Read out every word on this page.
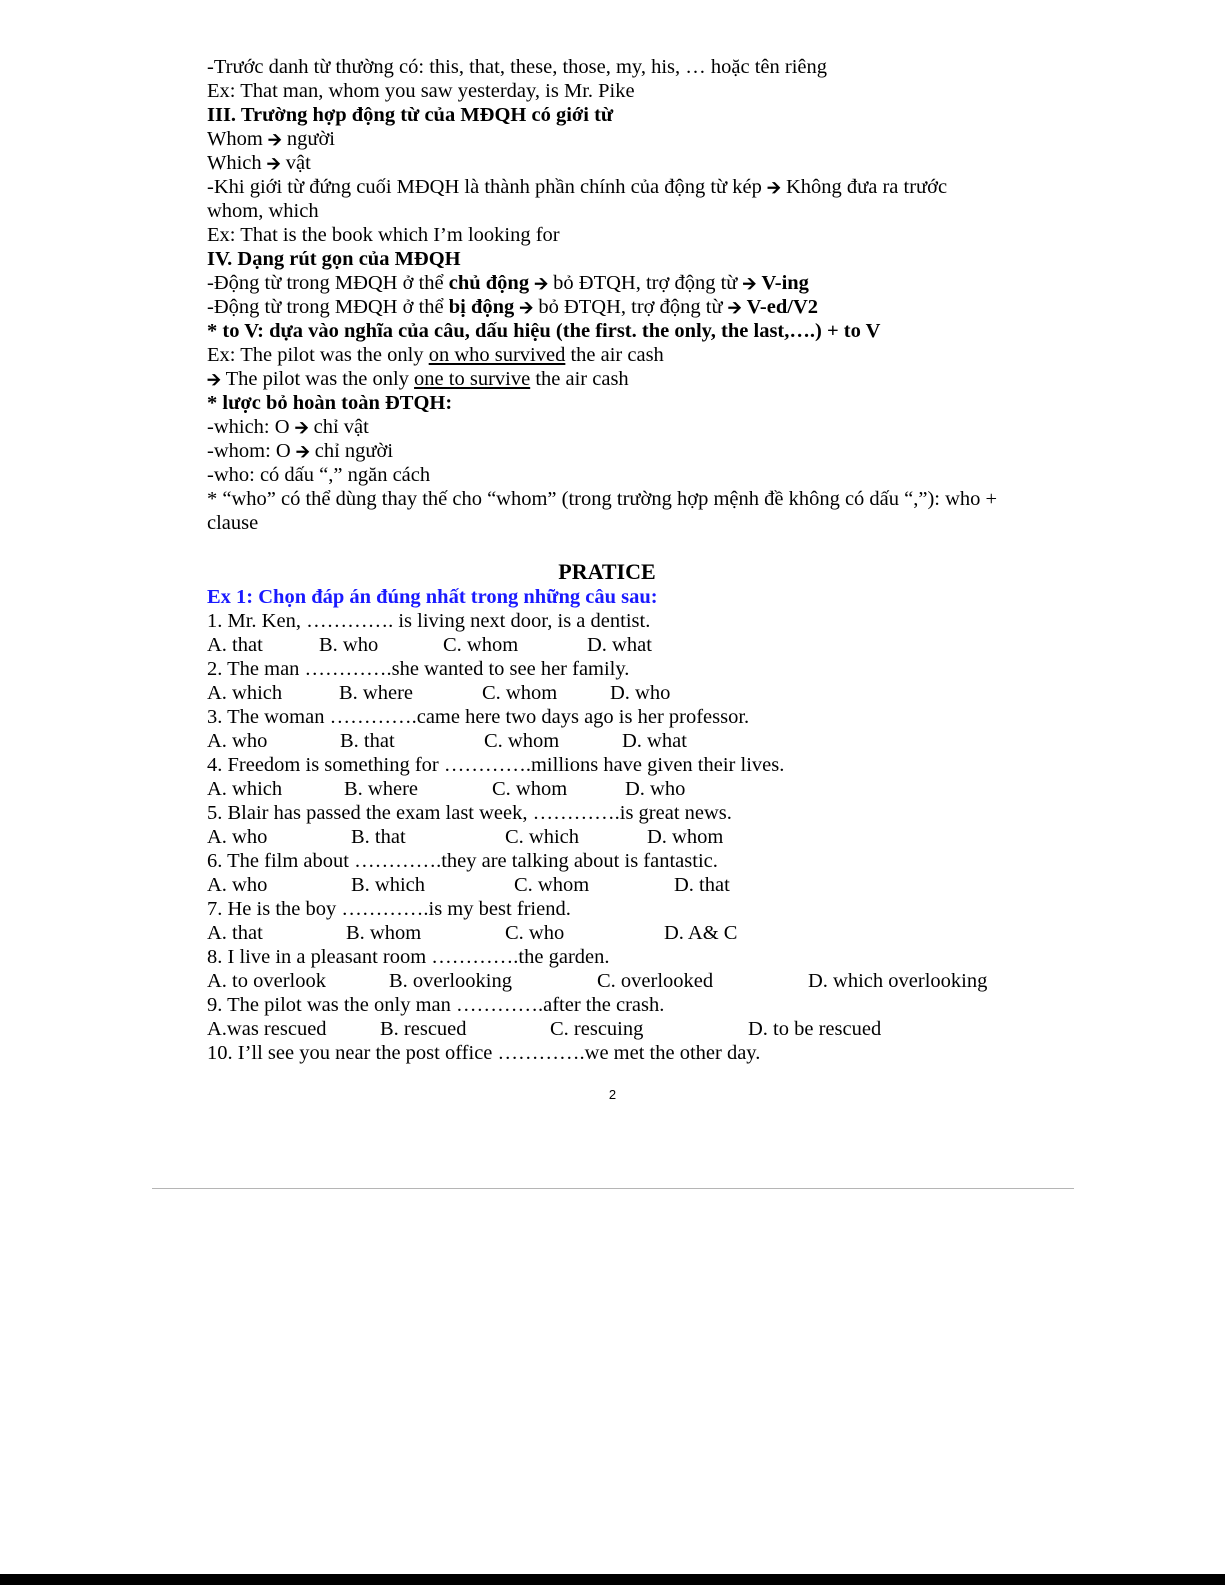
-Trước danh từ thường có: this, that, these, those, my, his, … hoặc tên riêng
Ex: That man, whom you saw yesterday, is Mr. Pike
III. Trường hợp động từ của MĐQH có giới từ
Whom 🡪 người
Which 🡪 vật
-Khi giới từ đứng cuối MĐQH là thành phần chính của động từ kép 🡪 Không đưa ra trước
whom, which
Ex: That is the book which I’m looking for
IV. Dạng rút gọn của MĐQH
-Động từ trong MĐQH ở thể chủ động 🡪 bỏ ĐTQH, trợ động từ 🡪 V-ing
-Động từ trong MĐQH ở thể bị động 🡪 bỏ ĐTQH, trợ động từ 🡪 V-ed/V2
* to V: dựa vào nghĩa của câu, dấu hiệu (the first. the only, the last,….) + to V
Ex: The pilot was the only on who survived the air cash
🡪 The pilot was the only one to survive the air cash
* lược bỏ hoàn toàn ĐTQH:
-which: O 🡪 chỉ vật
-whom: O 🡪 chỉ người
-who: có dấu “,” ngăn cách
* “who” có thể dùng thay thế cho “whom” (trong trường hợp mệnh đề không có dấu “,”): who + clause
PRATICE
Ex 1: Chọn đáp án đúng nhất trong những câu sau:
1. Mr. Ken, …………. is living next door, is a dentist.
A. that	B. who	C. whom	D. what
2. The man ………….she wanted to see her family.
A. which	B. where	C. whom	D. who
3. The woman ………….came here two days ago is her professor.
A. who	B. that	C. whom	D. what
4. Freedom is something for ………….millions have given their lives.
A. which	B. where	C. whom	D. who
5. Blair has passed the exam last week, ………….is great news.
A. who	B. that	C. which	D. whom
6. The film about ………….they are talking about is fantastic.
A. who	B. which	C. whom	D. that
7. He is the boy ………….is my best friend.
A. that	B. whom	C. who	D. A& C
8. I live in a pleasant room ………….the garden.
A. to overlook	B. overlooking	C. overlooked	D. which overlooking
9. The pilot was the only man ………….after the crash.
A.was rescued	B. rescued	C. rescuing	D. to be rescued
10. I’ll see you near the post office ………….we met the other day.
2
